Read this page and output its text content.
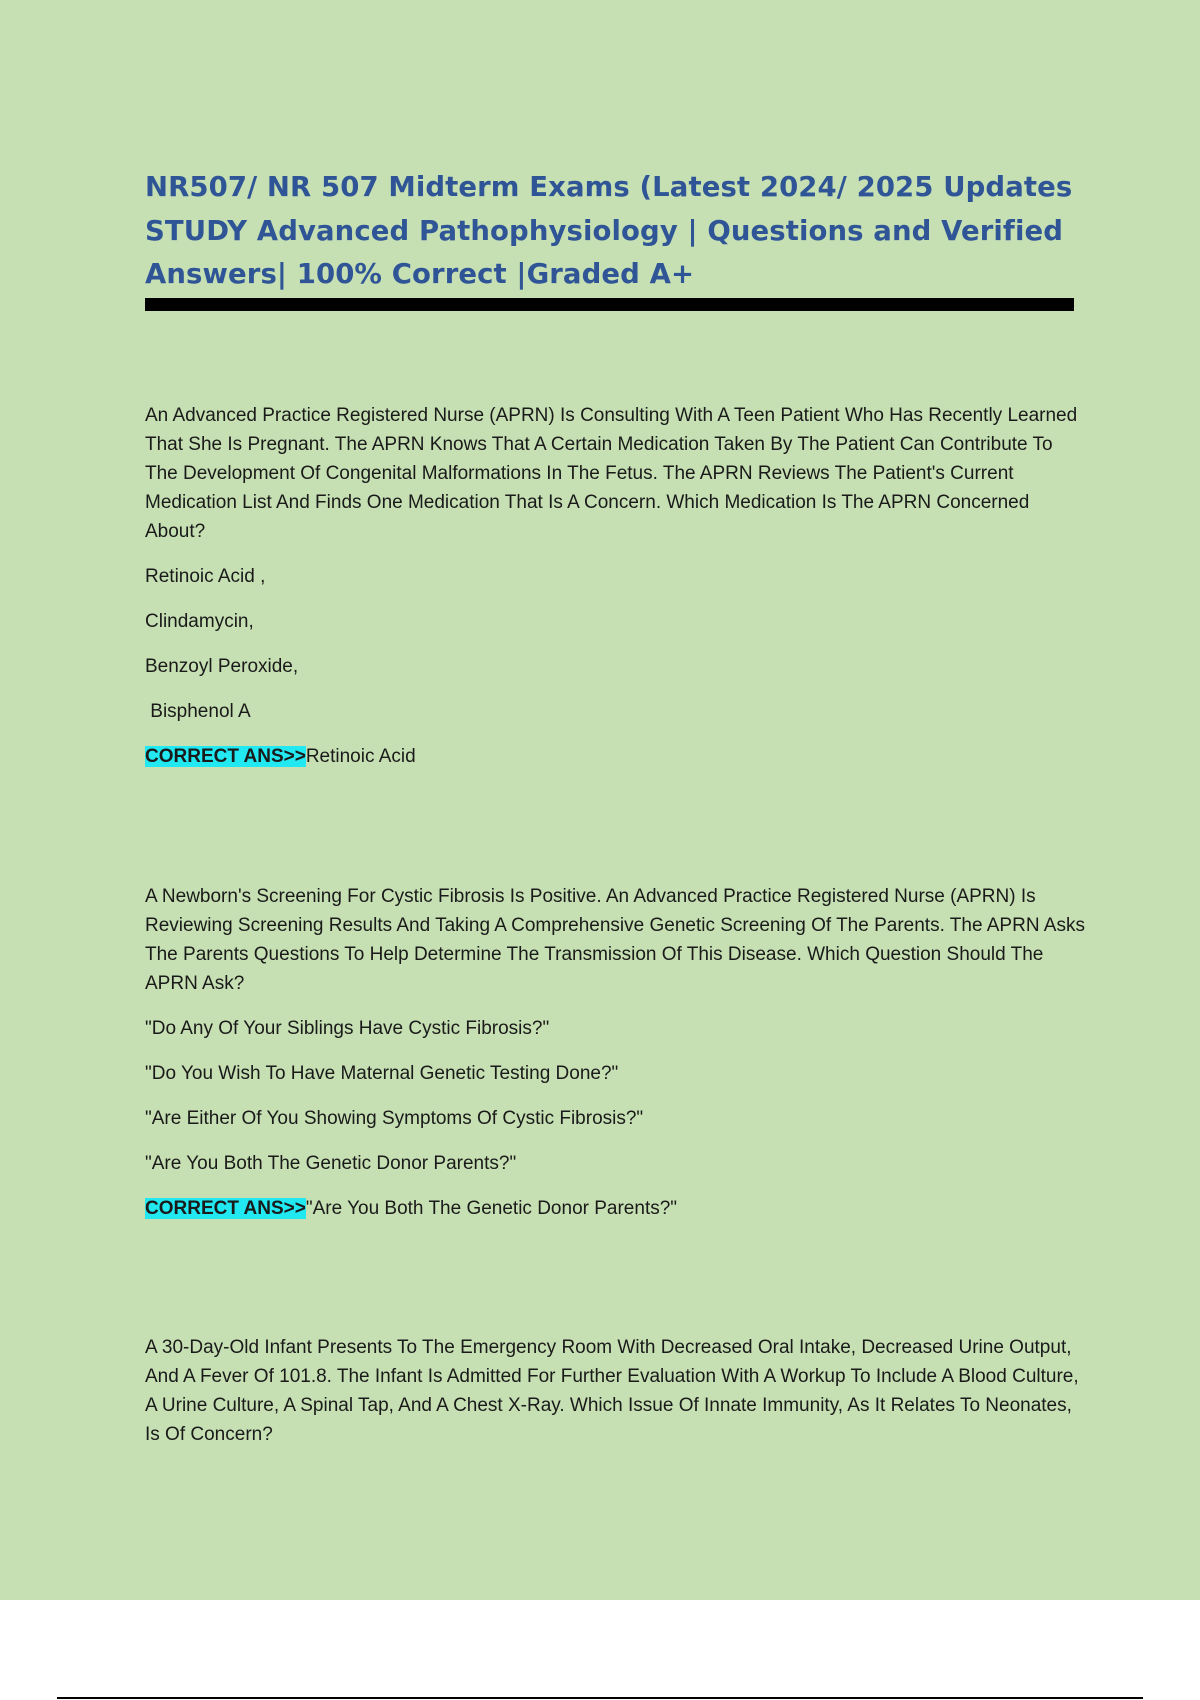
NR507/ NR 507 Midterm Exams (Latest 2024/ 2025 Updates STUDY Advanced Pathophysiology | Questions and Verified Answers| 100% Correct |Graded A+

An Advanced Practice Registered Nurse (APRN) Is Consulting With A Teen Patient Who Has Recently Learned That She Is Pregnant. The APRN Knows That A Certain Medication Taken By The Patient Can Contribute To The Development Of Congenital Malformations In The Fetus. The APRN Reviews The Patient's Current Medication List And Finds One Medication That Is A Concern. Which Medication Is The APRN Concerned About?

Retinoic Acid ,

Clindamycin,

Benzoyl Peroxide,

Bisphenol A

CORRECT ANS>>Retinoic Acid

A Newborn's Screening For Cystic Fibrosis Is Positive. An Advanced Practice Registered Nurse (APRN) Is Reviewing Screening Results And Taking A Comprehensive Genetic Screening Of The Parents. The APRN Asks The Parents Questions To Help Determine The Transmission Of This Disease. Which Question Should The APRN Ask?

"Do Any Of Your Siblings Have Cystic Fibrosis?"

"Do You Wish To Have Maternal Genetic Testing Done?"

"Are Either Of You Showing Symptoms Of Cystic Fibrosis?"

"Are You Both The Genetic Donor Parents?"

CORRECT ANS>>"Are You Both The Genetic Donor Parents?"

A 30-Day-Old Infant Presents To The Emergency Room With Decreased Oral Intake, Decreased Urine Output, And A Fever Of 101.8. The Infant Is Admitted For Further Evaluation With A Workup To Include A Blood Culture, A Urine Culture, A Spinal Tap, And A Chest X-Ray. Which Issue Of Innate Immunity, As It Relates To Neonates, Is Of Concern?
